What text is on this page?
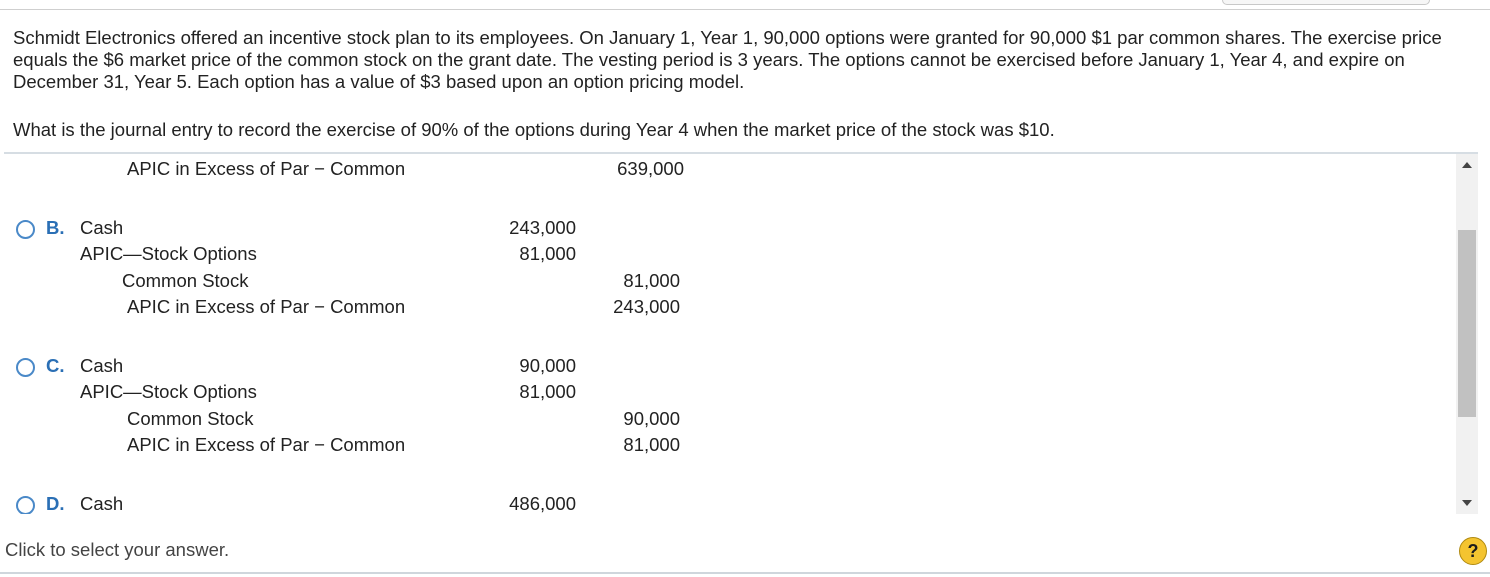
Schmidt Electronics offered an incentive stock plan to its employees. On January 1, Year 1, 90,000 options were granted for 90,000 $1 par common shares. The exercise price equals the $6 market price of the common stock on the grant date. The vesting period is 3 years. The options cannot be exercised before January 1, Year 4, and expire on December 31, Year 5. Each option has a value of $3 based upon an option pricing model.

What is the journal entry to record the exercise of 90% of the options during Year 4 when the market price of the stock was $10.
APIC in Excess of Par − Common	639,000
B. Cash	243,000
APIC—Stock Options	81,000
Common Stock	81,000
APIC in Excess of Par − Common	243,000
C. Cash	90,000
APIC—Stock Options	81,000
Common Stock	90,000
APIC in Excess of Par − Common	81,000
D. Cash	486,000
Click to select your answer.	?
